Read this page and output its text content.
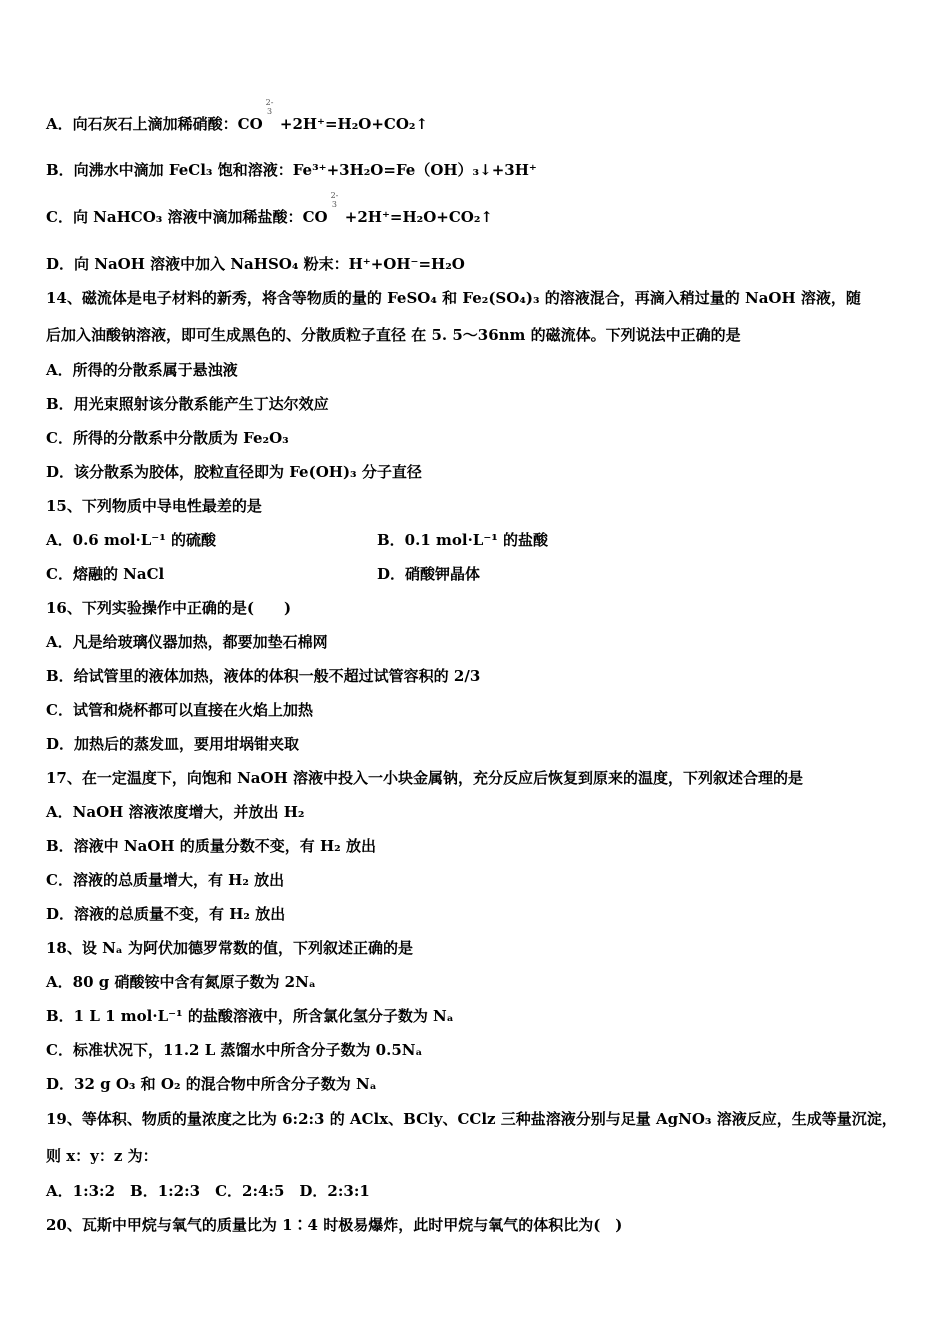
A．向石灰石上滴加稀硝酸：CO
2-
3
+2H⁺=H₂O+CO₂↑
B．向沸水中滴加 FeCl₃ 饱和溶液：Fe³⁺+3H₂O=Fe（OH）₃↓+3H⁺
C．向 NaHCO₃ 溶液中滴加稀盐酸：CO
2-
3
+2H⁺=H₂O+CO₂↑
D．向 NaOH 溶液中加入 NaHSO₄ 粉末：H⁺+OH⁻=H₂O
14、磁流体是电子材料的新秀，将含等物质的量的 FeSO₄ 和 Fe₂(SO₄)₃ 的溶液混合，再滴入稍过量的 NaOH 溶液，随
后加入油酸钠溶液，即可生成黑色的、分散质粒子直径 在 5. 5～36nm 的磁流体。下列说法中正确的是
A．所得的分散系属于悬浊液
B．用光束照射该分散系能产生丁达尔效应
C．所得的分散系中分散质为 Fe₂O₃
D．该分散系为胶体，胶粒直径即为 Fe(OH)₃ 分子直径
15、下列物质中导电性最差的是
A．0.6 mol·L⁻¹ 的硫酸	B．0.1 mol·L⁻¹ 的盐酸
C．熔融的 NaCl	D．硝酸钾晶体
16、下列实验操作中正确的是(　　)
A．凡是给玻璃仪器加热，都要加垫石棉网
B．给试管里的液体加热，液体的体积一般不超过试管容积的 2/3
C．试管和烧杯都可以直接在火焰上加热
D．加热后的蒸发皿，要用坩埚钳夹取
17、在一定温度下，向饱和 NaOH 溶液中投入一小块金属钠，充分反应后恢复到原来的温度，下列叙述合理的是
A．NaOH 溶液浓度增大，并放出 H₂
B．溶液中 NaOH 的质量分数不变，有 H₂ 放出
C．溶液的总质量增大，有 H₂ 放出
D．溶液的总质量不变，有 H₂ 放出
18、设 Nₐ 为阿伏加德罗常数的值，下列叙述正确的是
A．80 g 硝酸铵中含有氮原子数为 2Nₐ
B．1 L 1 mol·L⁻¹ 的盐酸溶液中，所含氯化氢分子数为 Nₐ
C．标准状况下，11.2 L 蒸馏水中所含分子数为 0.5Nₐ
D．32 g O₃ 和 O₂ 的混合物中所含分子数为 Nₐ
19、等体积、物质的量浓度之比为 6:2:3 的 AClx、BCly、CClz 三种盐溶液分别与足量 AgNO₃ 溶液反应，生成等量沉淀，
则 x：y：z 为：
A．1:3:2　B．1:2:3　C．2:4:5　D．2:3:1
20、瓦斯中甲烷与氧气的质量比为 1∶4 时极易爆炸，此时甲烷与氧气的体积比为(　)
